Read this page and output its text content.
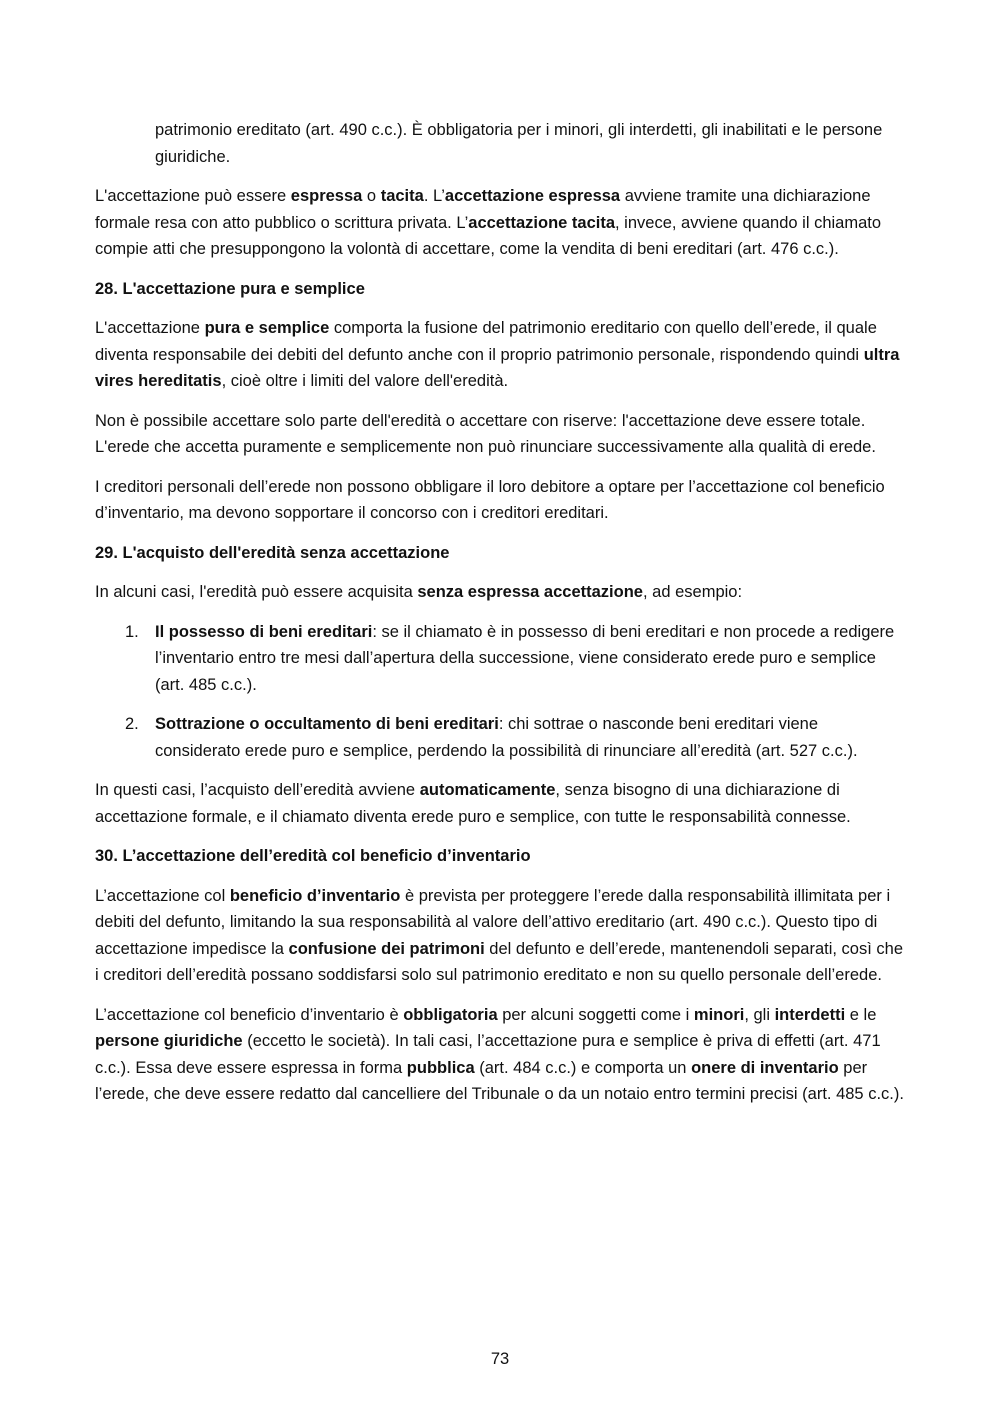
patrimonio ereditato (art. 490 c.c.). È obbligatoria per i minori, gli interdetti, gli inabilitati e le persone giuridiche.

L'accettazione può essere espressa o tacita. L’accettazione espressa avviene tramite una dichiarazione formale resa con atto pubblico o scrittura privata. L’accettazione tacita, invece, avviene quando il chiamato compie atti che presuppongono la volontà di accettare, come la vendita di beni ereditari (art. 476 c.c.).

28. L'accettazione pura e semplice

L'accettazione pura e semplice comporta la fusione del patrimonio ereditario con quello dell’erede, il quale diventa responsabile dei debiti del defunto anche con il proprio patrimonio personale, rispondendo quindi ultra vires hereditatis, cioè oltre i limiti del valore dell'eredità.

Non è possibile accettare solo parte dell'eredità o accettare con riserve: l'accettazione deve essere totale. L'erede che accetta puramente e semplicemente non può rinunciare successivamente alla qualità di erede.

I creditori personali dell’erede non possono obbligare il loro debitore a optare per l’accettazione col beneficio d’inventario, ma devono sopportare il concorso con i creditori ereditari.

29. L'acquisto dell'eredità senza accettazione

In alcuni casi, l'eredità può essere acquisita senza espressa accettazione, ad esempio:

1. Il possesso di beni ereditari: se il chiamato è in possesso di beni ereditari e non procede a redigere l’inventario entro tre mesi dall’apertura della successione, viene considerato erede puro e semplice (art. 485 c.c.).
2. Sottrazione o occultamento di beni ereditari: chi sottrae o nasconde beni ereditari viene considerato erede puro e semplice, perdendo la possibilità di rinunciare all’eredità (art. 527 c.c.).

In questi casi, l’acquisto dell’eredità avviene automaticamente, senza bisogno di una dichiarazione di accettazione formale, e il chiamato diventa erede puro e semplice, con tutte le responsabilità connesse.

30. L’accettazione dell’eredità col beneficio d’inventario

L’accettazione col beneficio d’inventario è prevista per proteggere l’erede dalla responsabilità illimitata per i debiti del defunto, limitando la sua responsabilità al valore dell’attivo ereditario (art. 490 c.c.). Questo tipo di accettazione impedisce la confusione dei patrimoni del defunto e dell’erede, mantenendoli separati, così che i creditori dell’eredità possano soddisfarsi solo sul patrimonio ereditato e non su quello personale dell’erede.

L’accettazione col beneficio d’inventario è obbligatoria per alcuni soggetti come i minori, gli interdetti e le persone giuridiche (eccetto le società). In tali casi, l’accettazione pura e semplice è priva di effetti (art. 471 c.c.). Essa deve essere espressa in forma pubblica (art. 484 c.c.) e comporta un onere di inventario per l’erede, che deve essere redatto dal cancelliere del Tribunale o da un notaio entro termini precisi (art. 485 c.c.).

73
